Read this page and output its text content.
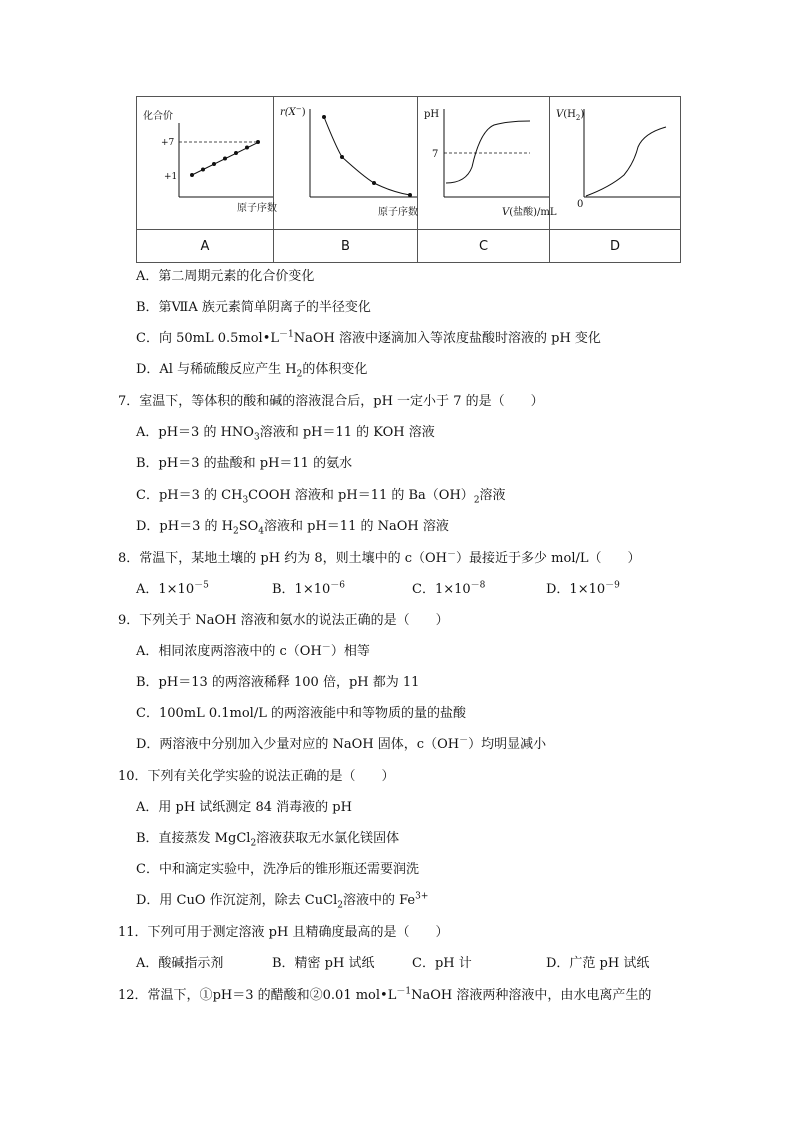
化合价
+7
+1
原子序数	r(X−)
原子序数	pH
7
V(盐酸)/mL	$V(H_2)$
0

A	B	C	D
A．第二周期元素的化合价变化
B．第ⅦA 族元素简单阴离子的半径变化
C．向 50mL $0.5mol•L^{-1}NaOH$ 溶液中逐滴加入等浓度盐酸时溶液的 pH 变化
D．Al 与稀硫酸反应产生 $H_2$的体积变化
7．室温下，等体积的酸和碱的溶液混合后，pH 一定小于 7 的是（　　）
A．pH＝3 的 $HNO_3$溶液和 pH＝11 的 KOH 溶液
B．pH＝3 的盐酸和 pH＝11 的氨水
C．pH＝3 的 $CH_3COOH$ 溶液和 pH＝11 的 $Ba(OH)_2$溶液
D．pH＝3 的 $H_2SO_4$溶液和 pH＝11 的 NaOH 溶液
8．常温下，某地土壤的 pH 约为 8，则土壤中的 c（OH－）最接近于多少 mol/L（　　）
A．$1\times 10^{-5}$	B．$1\times 10^{-6}$	C．$1\times 10^{-8}$	D．$1\times 10^{-9}$
9．下列关于 NaOH 溶液和氨水的说法正确的是（　　）
A．相同浓度两溶液中的 c（OH－）相等
B．pH＝13 的两溶液稀释 100 倍，pH 都为 11
C．100mL 0.1mol/L 的两溶液能中和等物质的量的盐酸
D．两溶液中分别加入少量对应的 NaOH 固体，c（OH－）均明显减小
10．下列有关化学实验的说法正确的是（　　）
A．用 pH 试纸测定 84 消毒液的 pH
B．直接蒸发 MgCl$_2$溶液获取无水氯化镁固体
C．中和滴定实验中，洗净后的锥形瓶还需要润洗
D．用 CuO 作沉淀剂，除去 CuCl$_2$溶液中的 $Fe^{3+}$
11．下列可用于测定溶液 pH 且精确度最高的是（　　）
A．酸碱指示剂	B．精密 pH 试纸	C．pH 计	D．广范 pH 试纸
12．常温下，①pH＝3 的醋酸和②0.01 $mol•L^{-1}NaOH$ 溶液两种溶液中，由水电离产生的
